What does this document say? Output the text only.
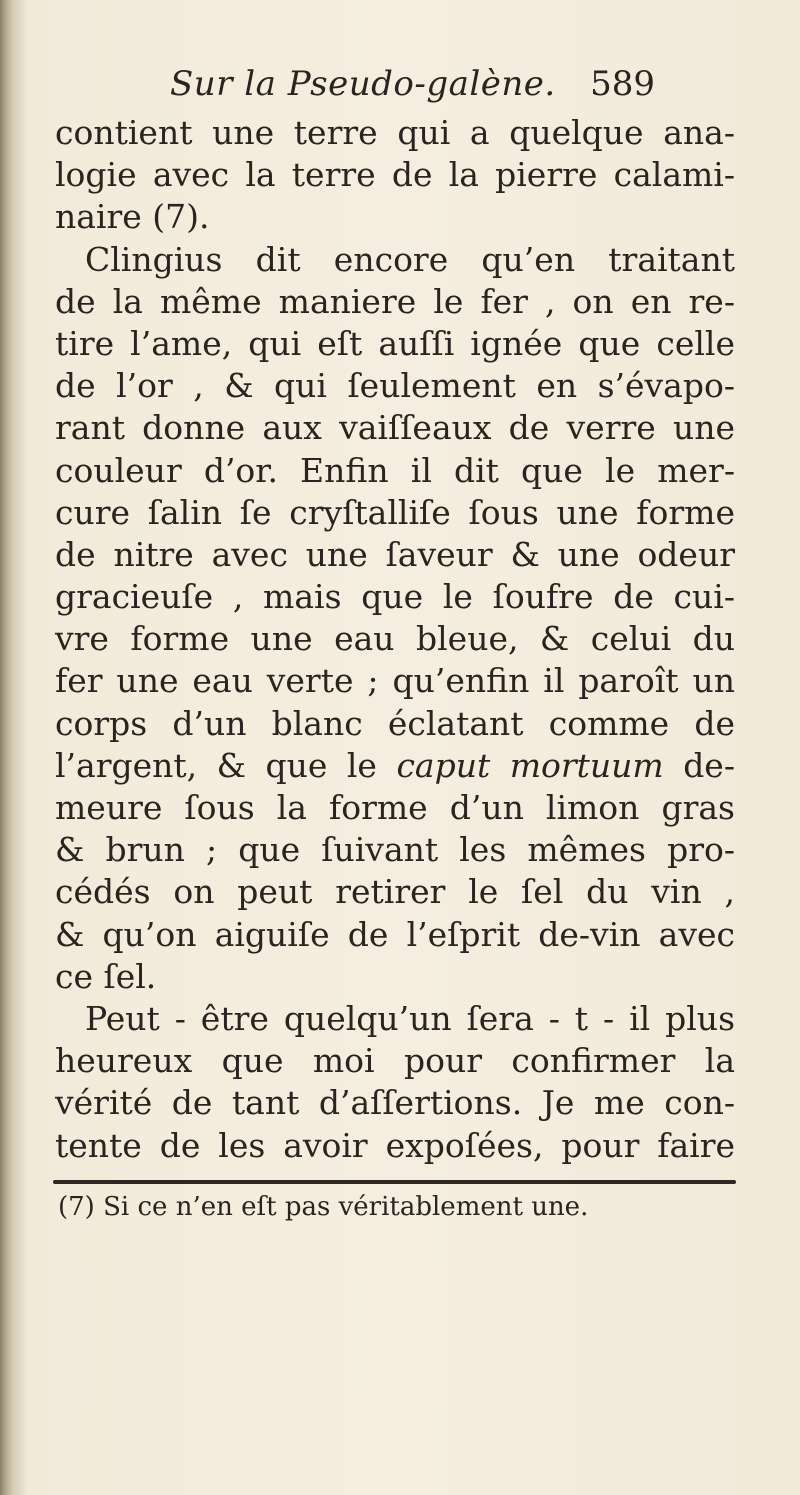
Sur la Pseudo-galène. 589
contient une terre qui a quelque ana-
logie avec la terre de la pierre calami-
naire (7).
Clingius dit encore qu’en traitant
de la même maniere le fer , on en re-
tire l’ame, qui eſt auſſi ignée que celle
de l’or , & qui ſeulement en s’évapo-
rant donne aux vaiſſeaux de verre une
couleur d’or. Enfin il dit que le mer-
cure ſalin ſe cryſtalliſe ſous une forme
de nitre avec une ſaveur & une odeur
gracieuſe , mais que le ſoufre de cui-
vre forme une eau bleue, & celui du
fer une eau verte ; qu’enfin il paroît un
corps d’un blanc éclatant comme de
l’argent, & que le caput mortuum de-
meure ſous la forme d’un limon gras
& brun ; que ſuivant les mêmes pro-
cédés on peut retirer le ſel du vin ,
& qu’on aiguiſe de l’eſprit de-vin avec
ce ſel.
Peut - être quelqu’un ſera - t - il plus
heureux que moi pour confirmer la
vérité de tant d’aſſertions. Je me con-
tente de les avoir expoſées, pour faire
(7) Si ce n’en eſt pas véritablement une.
